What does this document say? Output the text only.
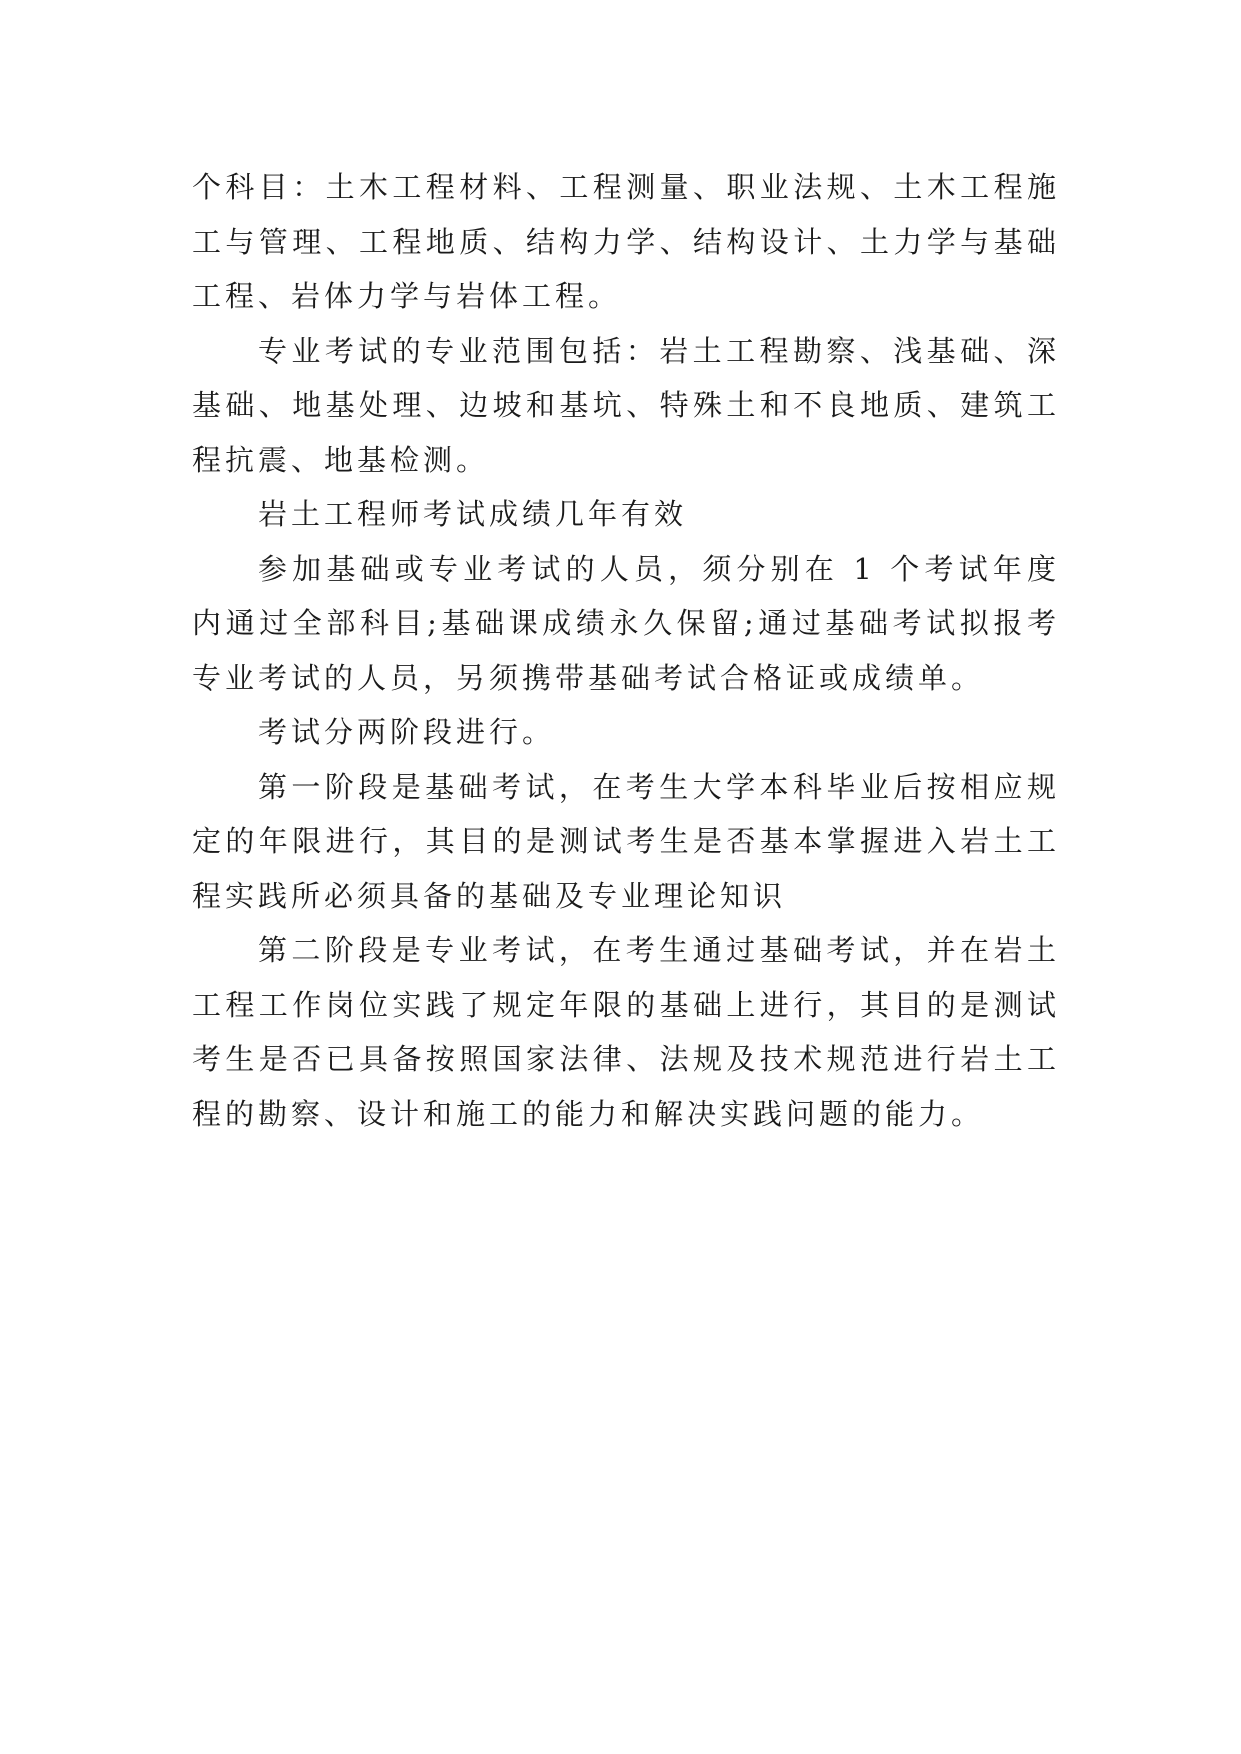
个科目：土木工程材料、工程测量、职业法规、土木工程施工与管理、工程地质、结构力学、结构设计、土力学与基础工程、岩体力学与岩体工程。

专业考试的专业范围包括：岩土工程勘察、浅基础、深基础、地基处理、边坡和基坑、特殊土和不良地质、建筑工程抗震、地基检测。

岩土工程师考试成绩几年有效

参加基础或专业考试的人员，须分别在 1 个考试年度内通过全部科目;基础课成绩永久保留;通过基础考试拟报考专业考试的人员，另须携带基础考试合格证或成绩单。

考试分两阶段进行。

第一阶段是基础考试，在考生大学本科毕业后按相应规定的年限进行，其目的是测试考生是否基本掌握进入岩土工程实践所必须具备的基础及专业理论知识

第二阶段是专业考试，在考生通过基础考试，并在岩土工程工作岗位实践了规定年限的基础上进行，其目的是测试考生是否已具备按照国家法律、法规及技术规范进行岩土工程的勘察、设计和施工的能力和解决实践问题的能力。
